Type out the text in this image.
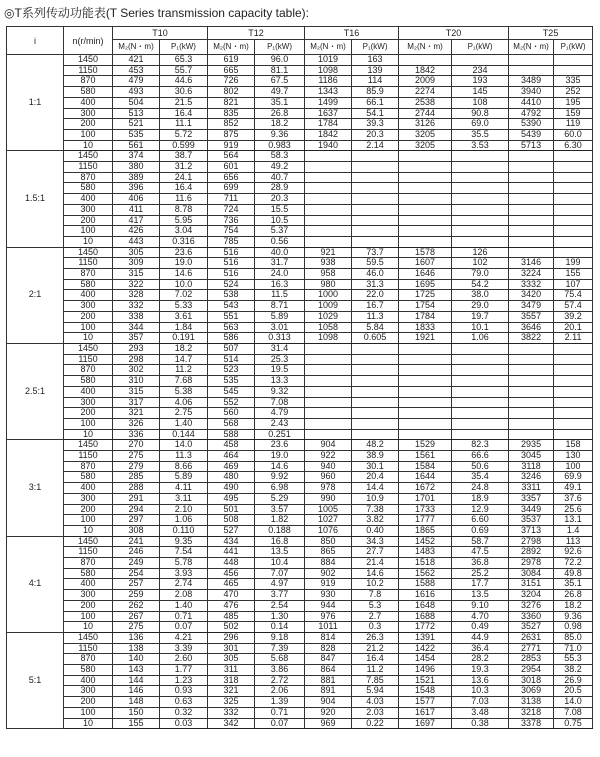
◎T系列传动功能表(T Series transmission capacity table):
i	n(r/min)	T10		T12		T16		T20		T25	
		M₂(N・m)	P₁(kW)	M₂(N・m)	P₁(kW)	M₂(N・m)	P₁(kW)	M₂(N・m)	P₁(kW)	M₂(N・m)	P₁(kW)
1:1	1450	421	65.3	619	96.0	1019	163				
	1150	453	55.7	665	81.1	1098	139	1842	234		
	870	479	44.6	726	67.5	1186	114	2009	193	3489	335
	580	493	30.6	802	49.7	1343	85.9	2274	145	3940	252
	400	504	21.5	821	35.1	1499	66.1	2538	108	4410	195
	300	513	16.4	835	26.8	1637	54.1	2744	90.8	4792	159
	200	521	11.1	852	18.2	1784	39.3	3126	69.0	5390	119
	100	535	5.72	875	9.36	1842	20.3	3205	35.5	5439	60.0
	10	561	0.599	919	0.983	1940	2.14	3205	3.53	5713	6.30
1.5:1	1450	374	38.7	564	58.3						
	1150	380	31.2	601	49.2						
	870	389	24.1	656	40.7						
	580	396	16.4	699	28.9						
	400	406	11.6	711	20.3						
	300	411	8.78	724	15.5						
	200	417	5.95	736	10.5						
	100	426	3.04	754	5.37						
	10	443	0.316	785	0.56						
2:1	1450	305	23.6	516	40.0	921	73.7	1578	126		
	1150	309	19.0	516	31.7	938	59.5	1607	102	3146	199
	870	315	14.6	516	24.0	958	46.0	1646	79.0	3224	155
	580	322	10.0	524	16.3	980	31.3	1695	54.2	3332	107
	400	328	7.02	538	11.5	1000	22.0	1725	38.0	3420	75.4
	300	332	5.33	543	8.71	1009	16.7	1754	29.0	3479	57.4
	200	338	3.61	551	5.89	1029	11.3	1784	19.7	3557	39.2
	100	344	1.84	563	3.01	1058	5.84	1833	10.1	3646	20.1
	10	357	0.191	586	0.313	1098	0.605	1921	1.06	3822	2.11
2.5:1	1450	293	18.2	507	31.4						
	1150	298	14.7	514	25.3						
	870	302	11.2	523	19.5						
	580	310	7.68	535	13.3						
	400	315	5.38	545	9.32						
	300	317	4.06	552	7.08						
	200	321	2.75	560	4.79						
	100	326	1.40	568	2.43						
	10	336	0.144	588	0.251						
3:1	1450	270	14.0	458	23.6	904	48.2	1529	82.3	2935	158
	1150	275	11.3	464	19.0	922	38.9	1561	66.6	3045	130
	870	279	8.66	469	14.6	940	30.1	1584	50.6	3118	100
	580	285	5.89	480	9.92	960	20.4	1644	35.4	3246	69.9
	400	288	4.11	490	6.98	978	14.4	1672	24.8	3311	49.1
	300	291	3.11	495	5.29	990	10.9	1701	18.9	3357	37.6
	200	294	2.10	501	3.57	1005	7.38	1733	12.9	3449	25.6
	100	297	1.06	508	1.82	1027	3.82	1777	6.60	3537	13.1
	10	308	0.110	527	0.188	1076	0.40	1865	0.69	3713	1.4
4:1	1450	241	9.35	434	16.8	850	34.3	1452	58.7	2798	113
	1150	246	7.54	441	13.5	865	27.7	1483	47.5	2892	92.6
	870	249	5.78	448	10.4	884	21.4	1518	36.8	2978	72.2
	580	254	3.93	456	7.07	902	14.6	1562	25.2	3084	49.8
	400	257	2.74	465	4.97	919	10.2	1588	17.7	3151	35.1
	300	259	2.08	470	3.77	930	7.8	1616	13.5	3204	26.8
	200	262	1.40	476	2.54	944	5.3	1648	9.10	3276	18.2
	100	267	0.71	485	1.30	976	2.7	1688	4.70	3360	9.36
	10	275	0.07	502	0.14	1011	0.3	1772	0.49	3527	0.98
5:1	1450	136	4.21	296	9.18	814	26.3	1391	44.9	2631	85.0
	1150	138	3.39	301	7.39	828	21.2	1422	36.4	2771	71.0
	870	140	2.60	305	5.68	847	16.4	1454	28.2	2853	55.3
	580	143	1.77	311	3.86	864	11.2	1496	19.3	2954	38.2
	400	144	1.23	318	2.72	881	7.85	1521	13.6	3018	26.9
	300	146	0.93	321	2.06	891	5.94	1548	10.3	3069	20.5
	200	148	0.63	325	1.39	904	4.03	1577	7.03	3138	14.0
	100	150	0.32	332	0.71	920	2.03	1617	3.48	3218	7.08
	10	155	0.03	342	0.07	969	0.22	1697	0.38	3378	0.75
